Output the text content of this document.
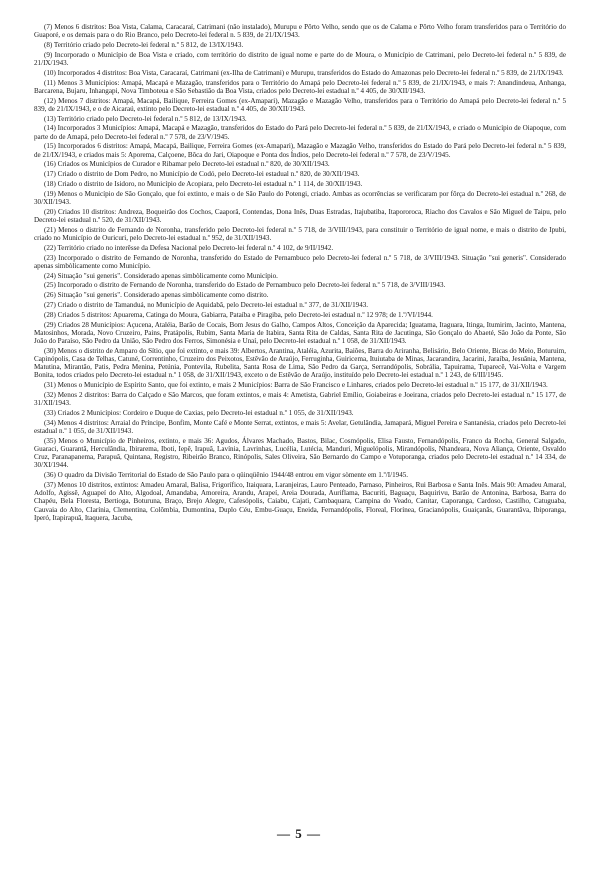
(7) Menos 6 distritos: Boa Vista, Calama, Caracaraí, Catrimani (não instalado), Murupu e Pôrto Velho, sendo que os de Calama e Pôrto Velho foram transferidos para o Território do Guaporé, e os demais para o do Rio Branco, pelo Decreto-lei federal n. 5 839, de 21/IX/1943.

(8) Território criado pelo Decreto-lei federal n.º 5 812, de 13/IX/1943.

(9) Incorporado o Município de Boa Vista e criado, com território do distrito de igual nome e parte do de Moura, o Município de Catrimani, pelo Decreto-lei federal n.º 5 839, de 21/IX/1943.

(10) Incorporados 4 distritos: Boa Vista, Caracaraí, Catrimani (ex-Ilha de Catrimani) e Murupu, transferidos do Estado do Amazonas pelo Decreto-lei federal n.º 5 839, de 21/IX/1943.

(11) Menos 3 Municípios: Amapá, Macapá e Mazagão, transferidos para o Território do Amapá pelo Decreto-lei federal n.º 5 839, de 21/IX/1943, e mais 7: Anandindeua, Anhanga, Barcarena, Bujaru, Inhangapi, Nova Timboteua e São Sebastião da Boa Vista, criados pelo Decreto-lei estadual n.º 4 405, de 30/XII/1943.

(12) Menos 7 distritos: Amapá, Macapá, Bailique, Ferreira Gomes (ex-Amapari), Mazagão e Mazagão Velho, transferidos para o Território do Amapá pelo Decreto-lei federal n.º 5 839, de 21/IX/1943, e o de Aicaraú, extinto pelo Decreto-lei estadual n.º 4 405, de 30/XII/1943.

(13) Território criado pelo Decreto-lei federal n.º 5 812, de 13/IX/1943.

(14) Incorporados 3 Municípios: Amapá, Macapá e Mazagão, transferidos do Estado do Pará pelo Decreto-lei federal n.º 5 839, de 21/IX/1943, e criado o Município de Oiapoque, com parte do de Amapá, pelo Decreto-lei federal n.º 7 578, de 23/V/1945.

(15) Incorporados 6 distritos: Amapá, Macapá, Bailique, Ferreira Gomes (ex-Amapari), Mazagão e Mazagão Velho, transferidos do Estado do Pará pelo Decreto-lei federal n.º 5 839, de 21/IX/1943, e criados mais 5: Aporema, Calçoene, Bôca do Jari, Oiapoque e Ponta dos Índios, pelo Decreto-lei federal n.º 7 578, de 23/V/1945.

(16) Criados os Municípios de Curador e Ribamar pelo Decreto-lei estadual n.º 820, de 30/XII/1943.

(17) Criado o distrito de Dom Pedro, no Município de Codó, pelo Decreto-lei estadual n.º 820, de 30/XII/1943.

(18) Criado o distrito de Isidoro, no Município de Acopiara, pelo Decreto-lei estadual n.º 1 114, de 30/XII/1943.

(19) Menos o Município de São Gonçalo, que foi extinto, e mais o de São Paulo do Potengi, criado. Ambas as ocorrências se verificaram por fôrça do Decreto-lei estadual n.º 268, de 30/XII/1943.

(20) Criados 10 distritos: Andreza, Boqueirão dos Cochos, Caaporã, Contendas, Dona Inês, Duas Estradas, Itajubatiba, Itapororoca, Riacho dos Cavalos e São Miguel de Taipu, pelo Decreto-lei estadual n.º 520, de 31/XII/1943.

(21) Menos o distrito de Fernando de Noronha, transferido pelo Decreto-lei federal n.º 5 718, de 3/VIII/1943, para constituir o Território de igual nome, e mais o distrito de Ipubi, criado no Município de Ouricuri, pelo Decreto-lei estadual n.º 952, de 31/XII/1943.

(22) Território criado no interêsse da Defesa Nacional pelo Decreto-lei federal n.º 4 102, de 9/II/1942.

(23) Incorporado o distrito de Fernando de Noronha, transferido do Estado de Pernambuco pelo Decreto-lei federal n.º 5 718, de 3/VIII/1943. Situação "sui generis". Considerado apenas simbòlicamente como Município.

(24) Situação "sui generis". Considerado apenas simbòlicamente como Município.

(25) Incorporado o distrito de Fernando de Noronha, transferido do Estado de Pernambuco pelo Decreto-lei federal n.º 5 718, de 3/VIII/1943.

(26) Situação "sui generis". Considerado apenas simbòlicamente como distrito.

(27) Criado o distrito de Tamanduá, no Município de Aquidabã, pelo Decreto-lei estadual n.º 377, de 31/XII/1943.

(28) Criados 5 distritos: Apuarema, Catinga do Moura, Gabiarra, Pataíba e Piragiba, pelo Decreto-lei estadual n.º 12 978; de 1.º/VI/1944.

(29) Criados 28 Municípios: Açucena, Ataléia, Barão de Cocais, Bom Jesus do Galho, Campos Altos, Conceição da Aparecida; Iguatama, Itaguara, Itinga, Itumirim, Jacinto, Mantena, Matosinhos, Morada, Novo Cruzeiro, Pains, Pratápolis, Rubim, Santa Maria de Itabira, Santa Rita de Caldas, Santa Rita de Jacutinga, São Gonçalo do Abaeté, São João da Ponte, São João do Paraíso, São Pedro da União, São Pedro dos Ferros, Simonésia e Unaí, pelo Decreto-lei estadual n.º 1 058, de 31/XII/1943.

(30) Menos o distrito de Amparo do Sítio, que foi extinto, e mais 39: Albertos, Arantina, Ataléia, Azurita, Baiões, Barra do Ariranha, Belisário, Belo Oriente, Bicas do Meio, Boturuim, Capinópolis, Casa de Telhas, Catuné, Correntinho, Cruzeiro dos Peixotos, Estêvão de Araújo, Ferruginha, Guiricema, Ituiutaba de Minas, Jacarandira, Jacarini, Jaraíba, Jesuânia, Mantena, Matutina, Mirantão, Patis, Pedra Menina, Petúnia, Pontevila, Rubelita, Santa Rosa de Lima, São Pedro da Garça, Serrandópolis, Sobrália, Tapuirama, Tuparecê, Vai-Volta e Vargem Bonita, todos criados pelo Decreto-lei estadual n.º 1 058, de 31/XII/1943, exceto o de Estêvão de Araújo, instituído pelo Decreto-lei estadual n.º 1 243, de 6/III/1945.

(31) Menos o Município de Espírito Santo, que foi extinto, e mais 2 Municípios: Barra de São Francisco e Linhares, criados pelo Decreto-lei estadual n.º 15 177, de 31/XII/1943.

(32) Menos 2 distritos: Barra do Calçado e São Marcos, que foram extintos, e mais 4: Ametista, Gabriel Emílio, Goiabeiras e Joeirana, criados pelo Decreto-lei estadual n.º 15 177, de 31/XII/1943.

(33) Criados 2 Municípios: Cordeiro e Duque de Caxias, pelo Decreto-lei estadual n.º 1 055, de 31/XII/1943.

(34) Menos 4 distritos: Arraial do Príncipe, Bonfim, Monte Café e Monte Serrat, extintos, e mais 5: Avelar, Getulândia, Jamapará, Miguel Pereira e Santanésia, criados pelo Decreto-lei estadual n.º 1 055, de 31/XII/1943.

(35) Menos o Município de Pinheiros, extinto, e mais 36: Agudos, Álvares Machado, Bastos, Bilac, Cosmópolis, Elisa Fausto, Fernandópolis, Franco da Rocha, General Salgado, Guaraci, Guarantã, Herculândia, Ibirarema, Iboti, Iepê, Irapuã, Lavínia, Lavrinhas, Lucélia, Lutécia, Manduri, Miguelópolis, Mirandópolis, Nhandeara, Nova Aliança, Oriente, Osvaldo Cruz, Paranapanema, Parapuã, Quintana, Registro, Ribeirão Branco, Rinópolis, Sales Oliveira, São Bernardo do Campo e Votuporanga, criados pelo Decreto-lei estadual n.º 14 334, de 30/XI/1944.

(36) O quadro da Divisão Territorial do Estado de São Paulo para o qüinqüênio 1944/48 entrou em vigor sòmente em 1.º/I/1945.

(37) Menos 10 distritos, extintos: Amadeu Amaral, Balisa, Frigorífico, Itaiquara, Laranjeiras, Lauro Penteado, Parnaso, Pinheiros, Rui Barbosa e Santa Inês. Mais 90: Amadeu Amaral, Adolfo, Agissê, Aguapeí do Alto, Algodoal, Amandaba, Amoreira, Arandu, Arapeí, Areia Dourada, Auriflama, Bacuriti, Baguaçu, Baquirivu, Barão de Antonina, Barbosa, Barra do Chapéu, Bela Floresta, Bertioga, Boturuna, Braço, Brejo Alegre, Cafesópolis, Caiabu, Cajati, Cambaquara, Campina do Veado, Canitar, Caporanga, Cardoso, Castilho, Catuguaba, Cauvaia do Alto, Clarínia, Clementina, Colômbia, Dumontina, Duplo Céu, Embu-Guaçu, Eneida, Fernandópolis, Floreal, Florínea, Gracianópolis, Guaiçanãs, Guarantãva, Ibiporanga, Iperó, Itapirapuã, Itaquera, Jacuba,

— 5 —
